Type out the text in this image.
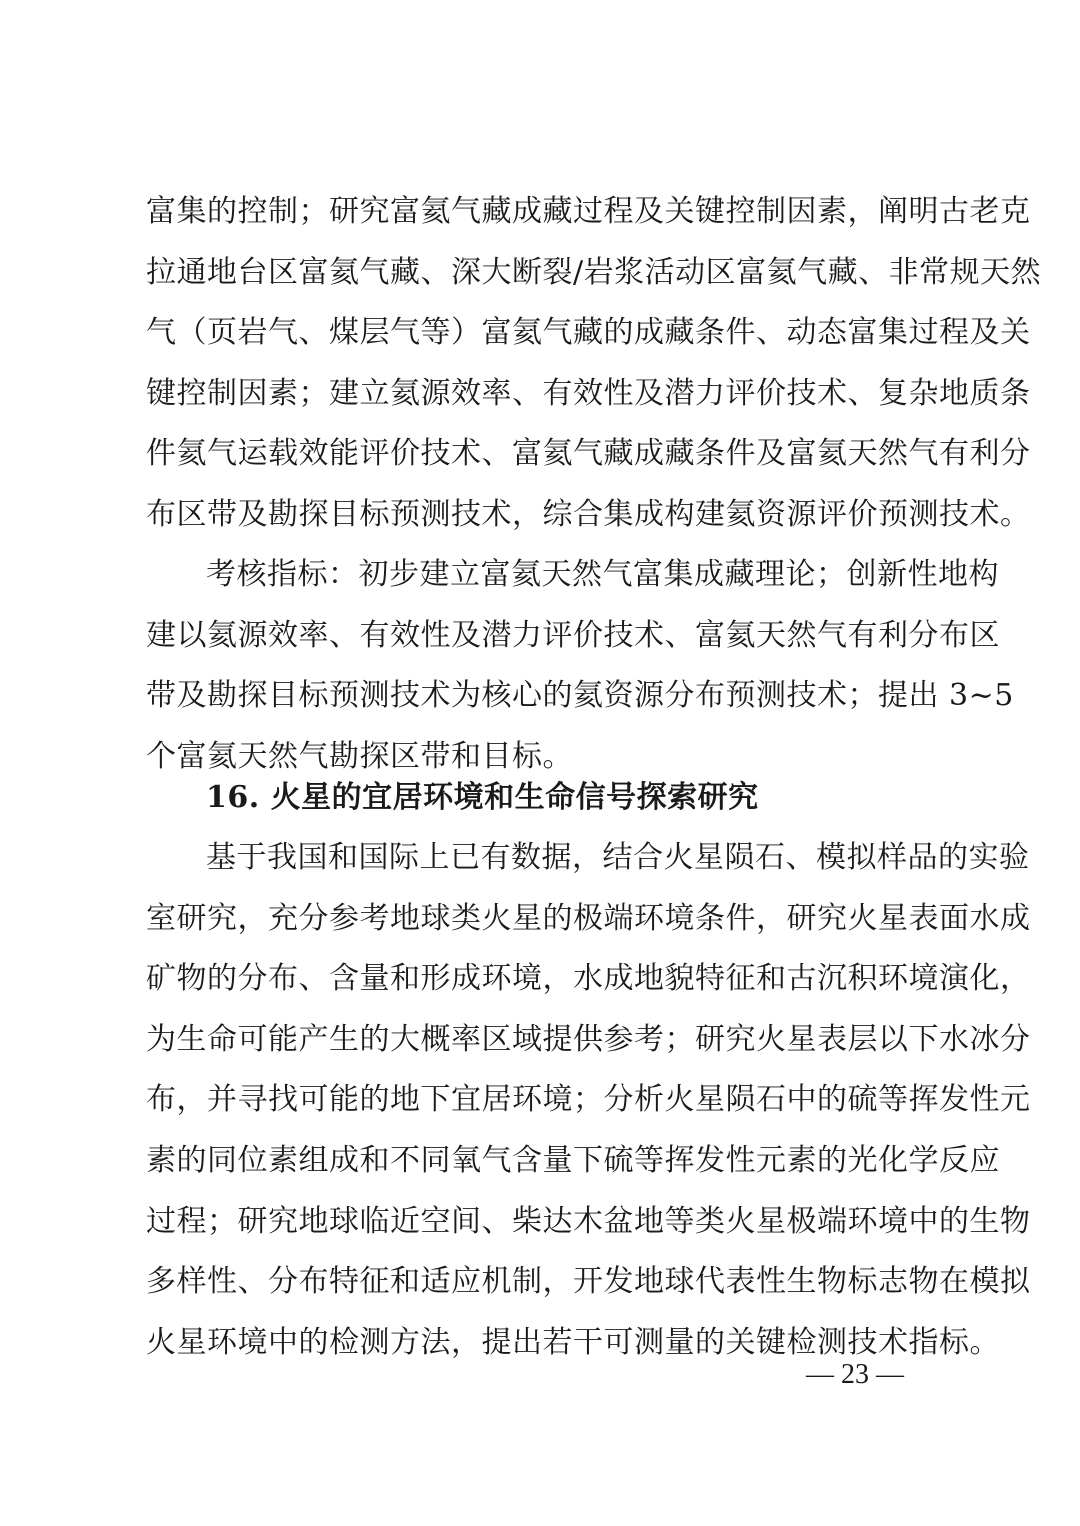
富集的控制；研究富氦气藏成藏过程及关键控制因素，阐明古老克
拉通地台区富氦气藏、深大断裂/岩浆活动区富氦气藏、非常规天然
气（页岩气、煤层气等）富氦气藏的成藏条件、动态富集过程及关
键控制因素；建立氦源效率、有效性及潜力评价技术、复杂地质条
件氦气运载效能评价技术、富氦气藏成藏条件及富氦天然气有利分
布区带及勘探目标预测技术，综合集成构建氦资源评价预测技术。
考核指标：初步建立富氦天然气富集成藏理论；创新性地构
建以氦源效率、有效性及潜力评价技术、富氦天然气有利分布区
带及勘探目标预测技术为核心的氦资源分布预测技术；提出 3~5
个富氦天然气勘探区带和目标。
16. 火星的宜居环境和生命信号探索研究
基于我国和国际上已有数据，结合火星陨石、模拟样品的实验
室研究，充分参考地球类火星的极端环境条件，研究火星表面水成
矿物的分布、含量和形成环境，水成地貌特征和古沉积环境演化，
为生命可能产生的大概率区域提供参考；研究火星表层以下水冰分
布，并寻找可能的地下宜居环境；分析火星陨石中的硫等挥发性元
素的同位素组成和不同氧气含量下硫等挥发性元素的光化学反应
过程；研究地球临近空间、柴达木盆地等类火星极端环境中的生物
多样性、分布特征和适应机制，开发地球代表性生物标志物在模拟
火星环境中的检测方法，提出若干可测量的关键检测技术指标。
— 23 —
